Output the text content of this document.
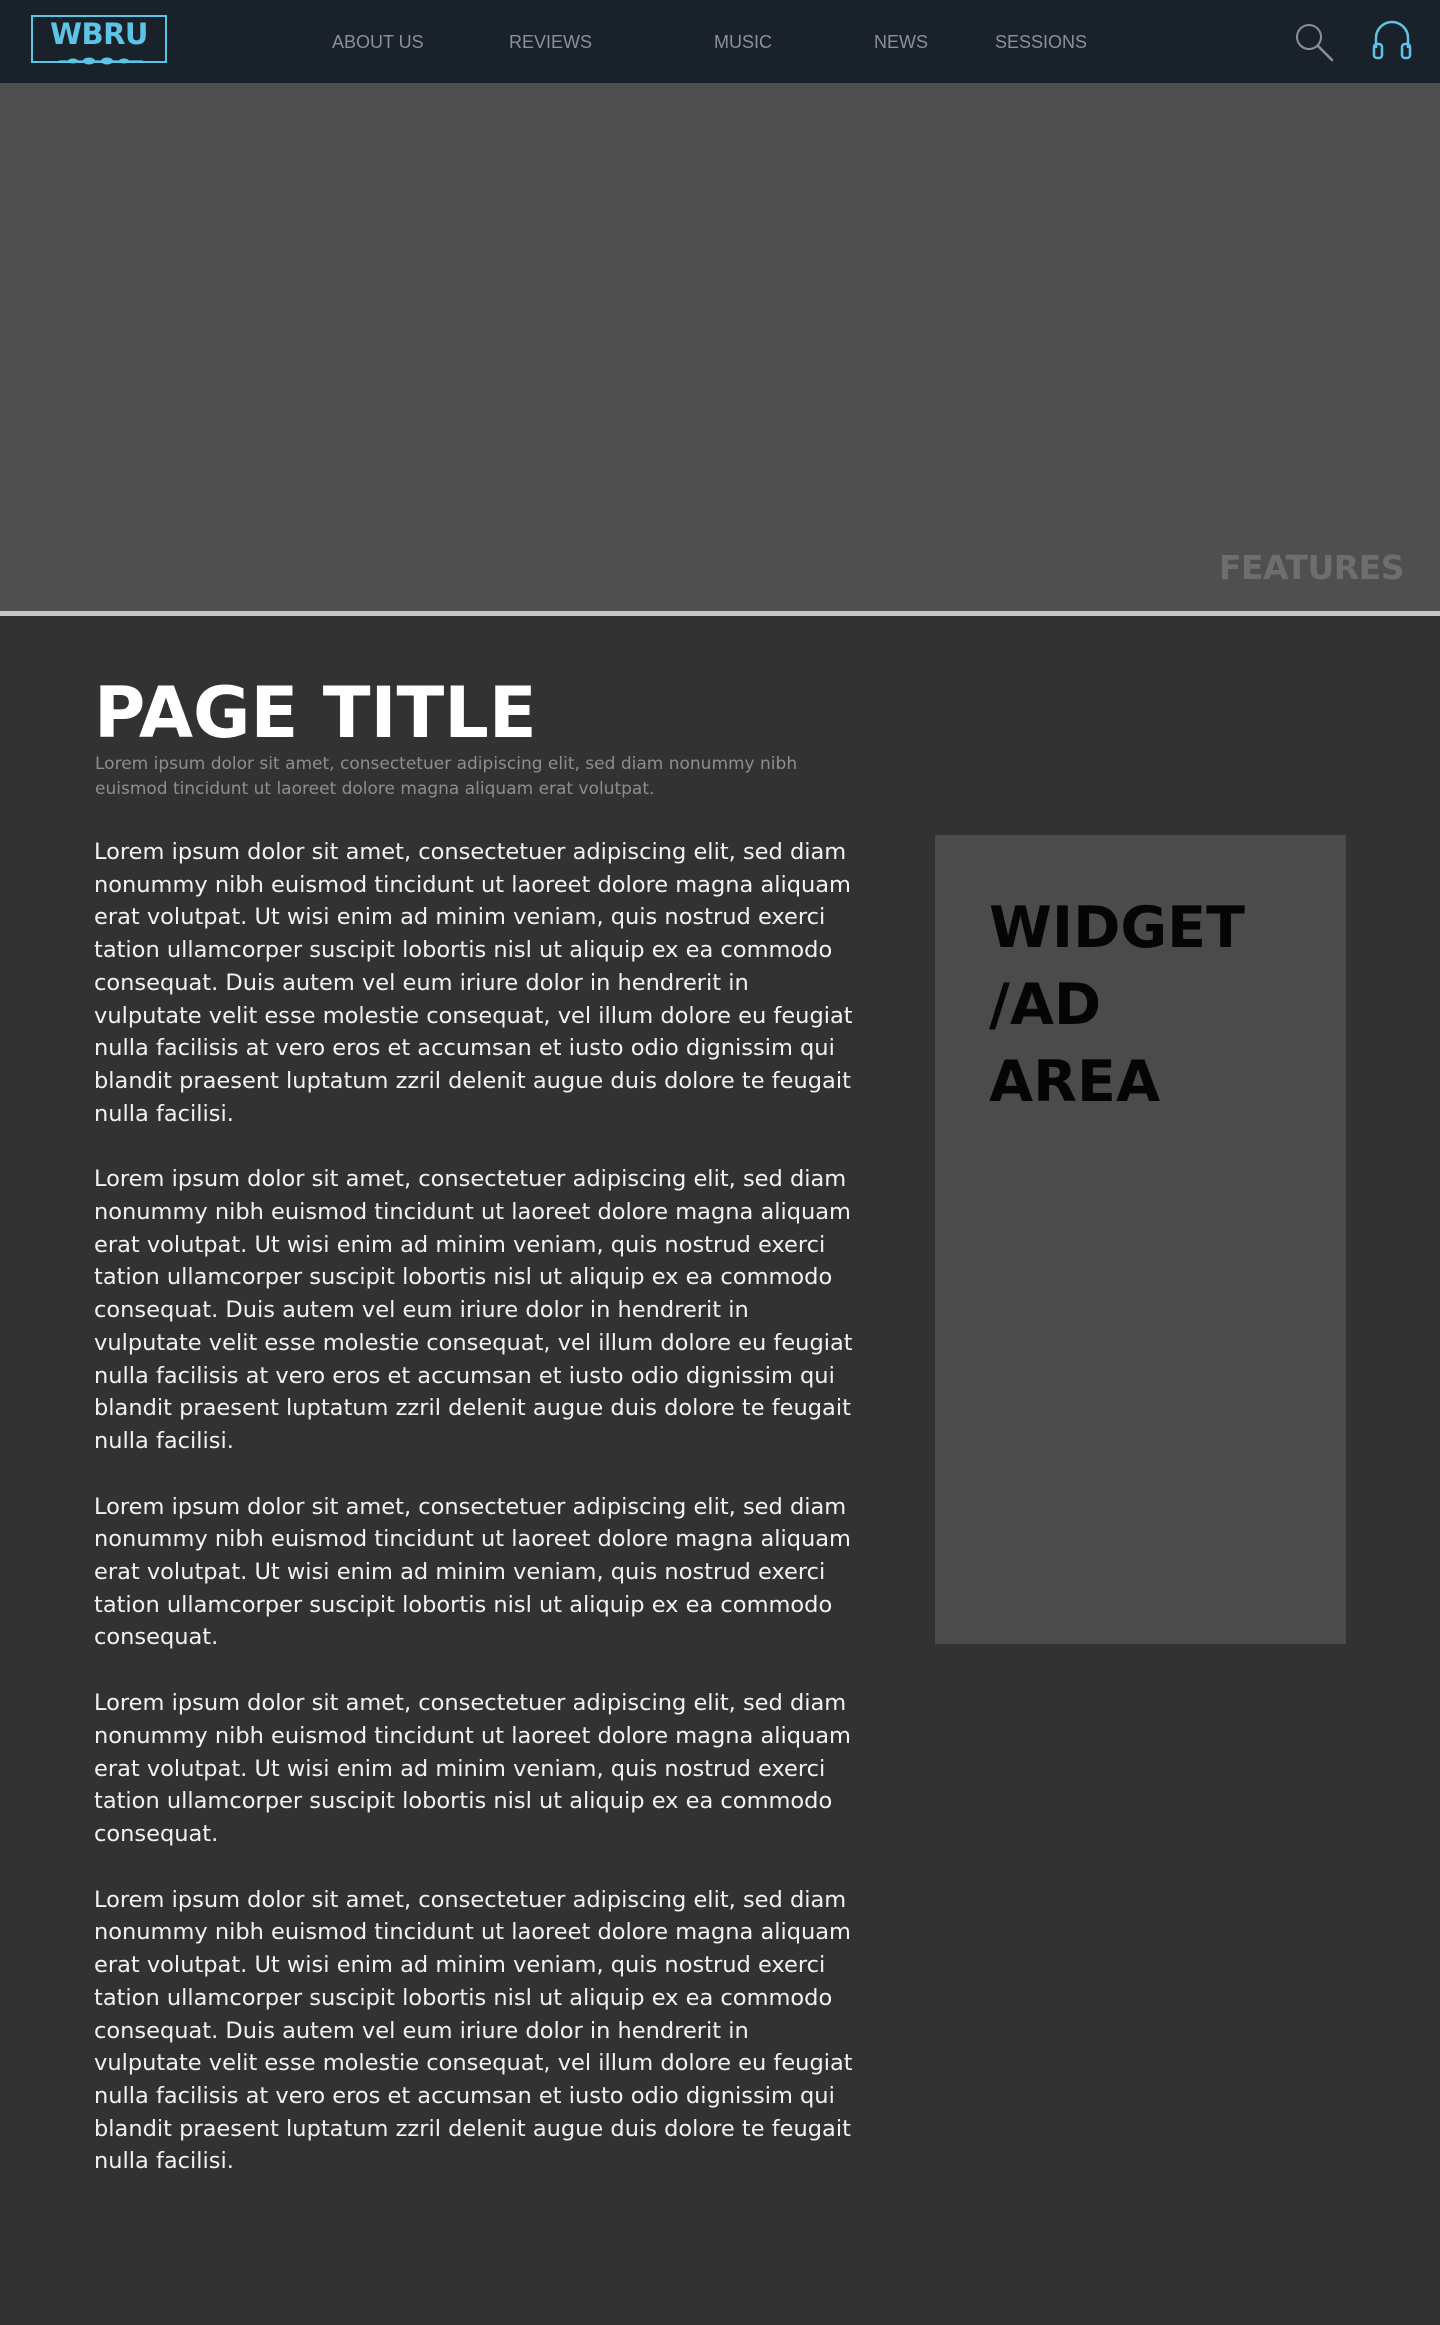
WBRU	ABOUT US	REVIEWS	MUSIC	NEWS	SESSIONS
FEATURES
PAGE TITLE

Lorem ipsum dolor sit amet, consectetuer adipiscing elit, sed diam nonummy nibh euismod tincidunt ut laoreet dolore magna aliquam erat volutpat.

Lorem ipsum dolor sit amet, consectetuer adipiscing elit, sed diam nonummy nibh euismod tincidunt ut laoreet dolore magna aliquam erat volutpat. Ut wisi enim ad minim veniam, quis nostrud exerci tation ullamcorper suscipit lobortis nisl ut aliquip ex ea commodo consequat. Duis autem vel eum iriure dolor in hendrerit in vulputate velit esse molestie consequat, vel illum dolore eu feugiat nulla facilisis at vero eros et accumsan et iusto odio dignissim qui blandit praesent luptatum zzril delenit augue duis dolore te feugait nulla facilisi.

Lorem ipsum dolor sit amet, consectetuer adipiscing elit, sed diam nonummy nibh euismod tincidunt ut laoreet dolore magna aliquam erat volutpat. Ut wisi enim ad minim veniam, quis nostrud exerci tation ullamcorper suscipit lobortis nisl ut aliquip ex ea commodo consequat. Duis autem vel eum iriure dolor in hendrerit in vulputate velit esse molestie consequat, vel illum dolore eu feugiat nulla facilisis at vero eros et accumsan et iusto odio dignissim qui blandit praesent luptatum zzril delenit augue duis dolore te feugait nulla facilisi.

Lorem ipsum dolor sit amet, consectetuer adipiscing elit, sed diam nonummy nibh euismod tincidunt ut laoreet dolore magna aliquam erat volutpat. Ut wisi enim ad minim veniam, quis nostrud exerci tation ullamcorper suscipit lobortis nisl ut aliquip ex ea commodo consequat.

Lorem ipsum dolor sit amet, consectetuer adipiscing elit, sed diam nonummy nibh euismod tincidunt ut laoreet dolore magna aliquam erat volutpat. Ut wisi enim ad minim veniam, quis nostrud exerci tation ullamcorper suscipit lobortis nisl ut aliquip ex ea commodo consequat.

Lorem ipsum dolor sit amet, consectetuer adipiscing elit, sed diam nonummy nibh euismod tincidunt ut laoreet dolore magna aliquam erat volutpat. Ut wisi enim ad minim veniam, quis nostrud exerci tation ullamcorper suscipit lobortis nisl ut aliquip ex ea commodo consequat. Duis autem vel eum iriure dolor in hendrerit in vulputate velit esse molestie consequat, vel illum dolore eu feugiat nulla facilisis at vero eros et accumsan et iusto odio dignissim qui blandit praesent luptatum zzril delenit augue duis dolore te feugait nulla facilisi.

WIDGET
/AD
AREA
